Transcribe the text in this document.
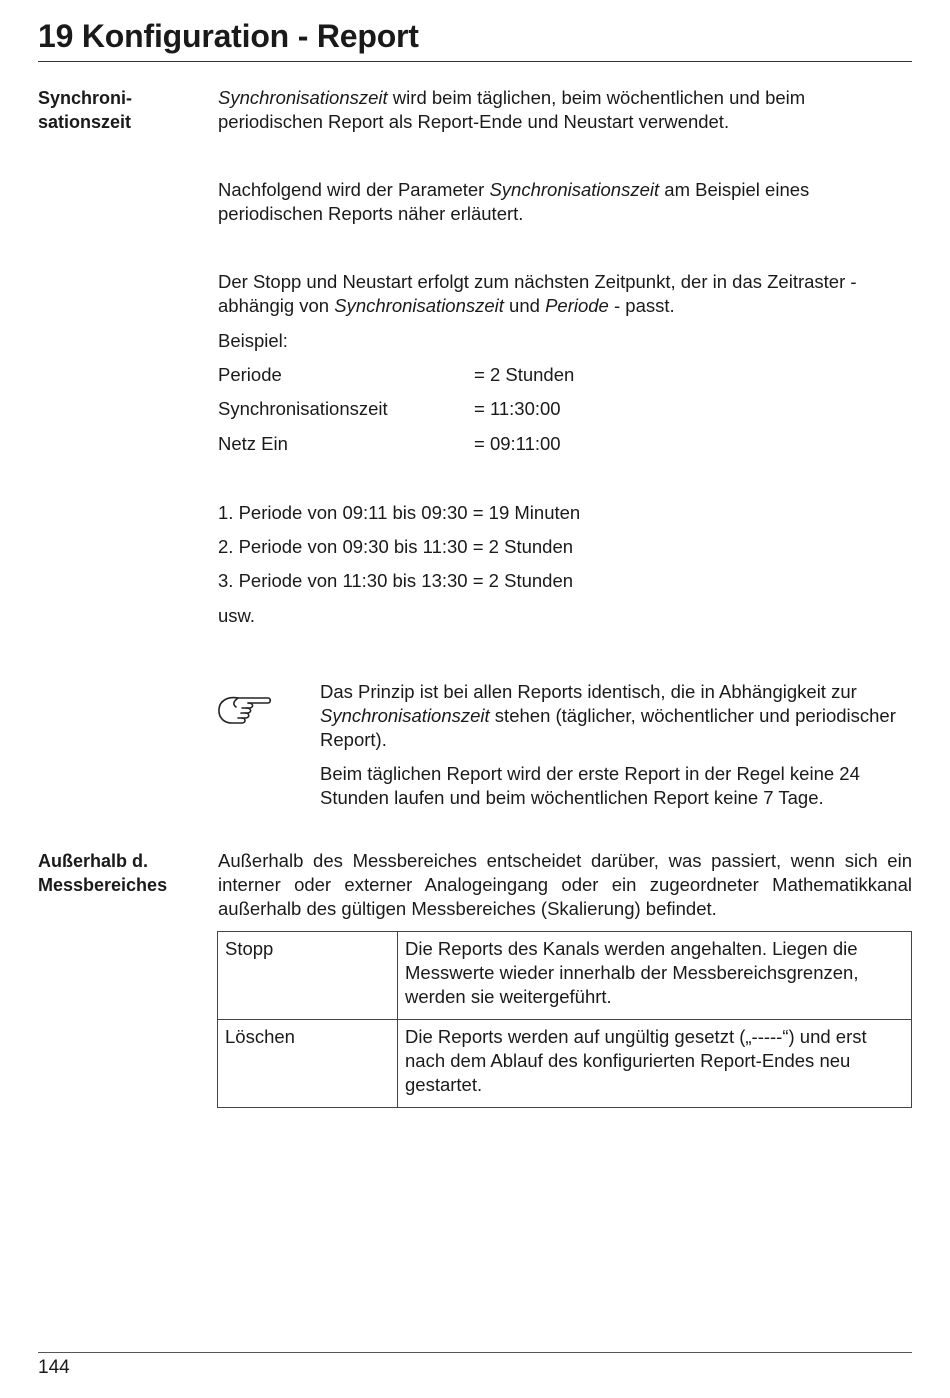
19 Konfiguration - Report
Synchroni-
sationszeit

Synchronisationszeit wird beim täglichen, beim wöchentlichen und beim periodischen Report als Report-Ende und Neustart verwendet.

Nachfolgend wird der Parameter Synchronisationszeit am Beispiel eines periodischen Reports näher erläutert.

Der Stopp und Neustart erfolgt zum nächsten Zeitpunkt, der in das Zeitraster - abhängig von Synchronisationszeit und Periode - passt.

Beispiel:
Periode	= 2 Stunden
Synchronisationszeit	= 11:30:00
Netz Ein	= 09:11:00
1. Periode von 09:11 bis 09:30 = 19 Minuten
2. Periode von 09:30 bis 11:30 = 2 Stunden
3. Periode von 11:30 bis 13:30 = 2 Stunden
usw.

Das Prinzip ist bei allen Reports identisch, die in Abhängigkeit zur Synchronisationszeit stehen (täglicher, wöchentlicher und periodischer Report).

Beim täglichen Report wird der erste Report in der Regel keine 24 Stunden laufen und beim wöchentlichen Report keine 7 Tage.

Außerhalb d.
Messbereiches

Außerhalb des Messbereiches entscheidet darüber, was passiert, wenn sich ein interner oder externer Analogeingang oder ein zugeordneter Mathematikkanal außerhalb des gültigen Messbereiches (Skalierung) befindet.

Stopp	Die Reports des Kanals werden angehalten. Liegen die Messwerte wieder innerhalb der Messbereichsgrenzen, werden sie weitergeführt.
Löschen	Die Reports werden auf ungültig gesetzt („-----“) und erst nach dem Ablauf des konfigurierten Report-Endes neu gestartet.
144
